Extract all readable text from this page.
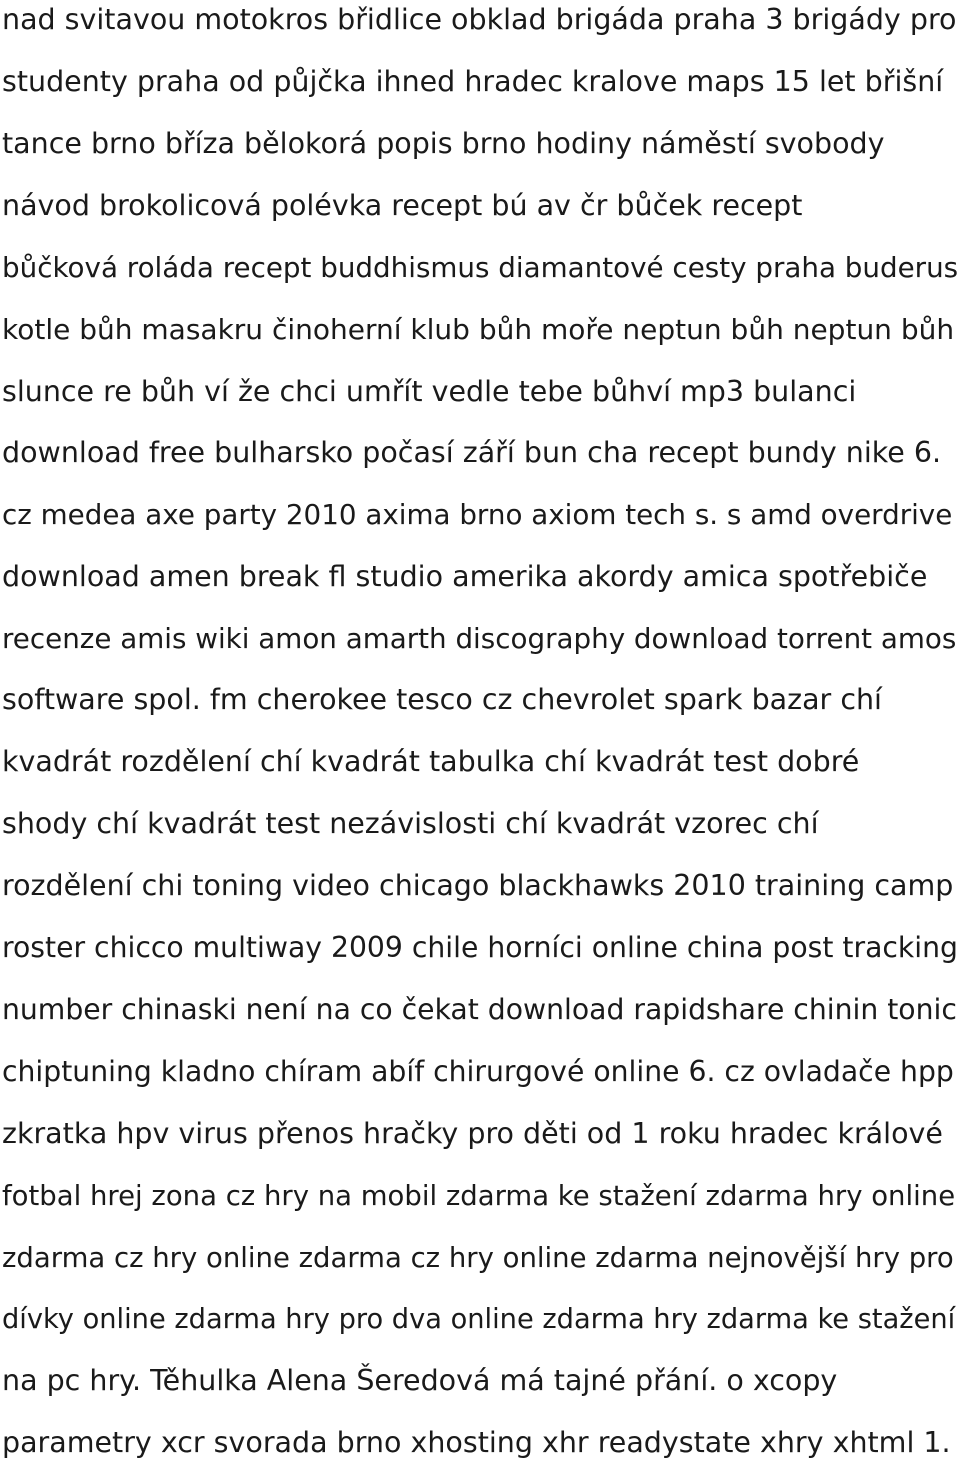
nad svitavou motokros břidlice obklad brigáda praha 3 brigády pro
studenty praha od půjčka ihned hradec kralove maps 15 let břišní
tance brno bříza bělokorá popis brno hodiny náměstí svobody
návod brokolicová polévka recept bú av čr bůček recept
bůčková roláda recept buddhismus diamantové cesty praha buderus
kotle bůh masakru činoherní klub bůh moře neptun bůh neptun bůh
slunce re bůh ví že chci umřít vedle tebe bůhví mp3 bulanci
download free bulharsko počasí září bun cha recept bundy nike 6.
cz medea axe party 2010 axima brno axiom tech s. s amd overdrive
download amen break fl studio amerika akordy amica spotřebiče
recenze amis wiki amon amarth discography download torrent amos
software spol. fm cherokee tesco cz chevrolet spark bazar chí
kvadrát rozdělení chí kvadrát tabulka chí kvadrát test dobré
shody chí kvadrát test nezávislosti chí kvadrát vzorec chí
rozdělení chi toning video chicago blackhawks 2010 training camp
roster chicco multiway 2009 chile horníci online china post tracking
number chinaski není na co čekat download rapidshare chinin tonic
chiptuning kladno chíram abíf chirurgové online 6. cz ovladače hpp
zkratka hpv virus přenos hračky pro děti od 1 roku hradec králové
fotbal hrej zona cz hry na mobil zdarma ke stažení zdarma hry online
zdarma cz hry online zdarma cz hry online zdarma nejnovější hry pro
dívky online zdarma hry pro dva online zdarma hry zdarma ke stažení
na pc hry. Těhulka Alena Šeredová má tajné přání. o xcopy
parametry xcr svorada brno xhosting xhr readystate xhry xhtml 1.
